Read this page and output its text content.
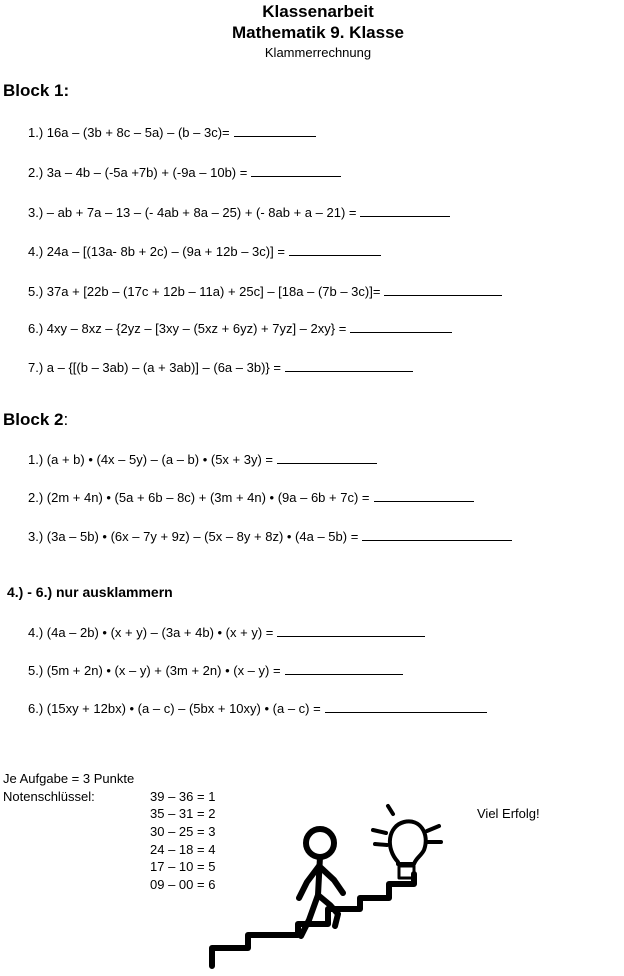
Klassenarbeit
Mathematik 9. Klasse
Klammerrechnung
Block 1:
1.) 16a – (3b + 8c – 5a) – (b – 3c)=
2.) 3a – 4b – (-5a +7b) + (-9a – 10b) =
3.) – ab + 7a – 13 – (- 4ab + 8a – 25) + (- 8ab + a – 21) =
4.) 24a – [(13a- 8b + 2c) – (9a + 12b – 3c)] =
5.) 37a + [22b – (17c + 12b – 11a) + 25c] – [18a – (7b – 3c)]=
6.) 4xy – 8xz – {2yz – [3xy – (5xz + 6yz) + 7yz] – 2xy} =
7.) a – {[(b – 3ab) – (a + 3ab)] – (6a – 3b)} =
Block 2:
1.) (a + b) • (4x – 5y) – (a – b) • (5x + 3y) =
2.) (2m + 4n) • (5a + 6b – 8c) + (3m + 4n) • (9a – 6b + 7c) =
3.) (3a – 5b) • (6x – 7y + 9z) – (5x – 8y + 8z) • (4a – 5b) =
4.) - 6.) nur ausklammern
4.) (4a – 2b) • (x + y) – (3a + 4b) • (x + y) =
5.) (5m + 2n) • (x – y) + (3m + 2n) • (x – y) =
6.) (15xy + 12bx) • (a – c) – (5bx + 10xy) • (a – c) =
Je Aufgabe = 3 Punkte
Notenschlüssel:	39 – 36 = 1
35 – 31 = 2
30 – 25 = 3
24 – 18 = 4
17 – 10 = 5
09 – 00 = 6
Viel Erfolg!
